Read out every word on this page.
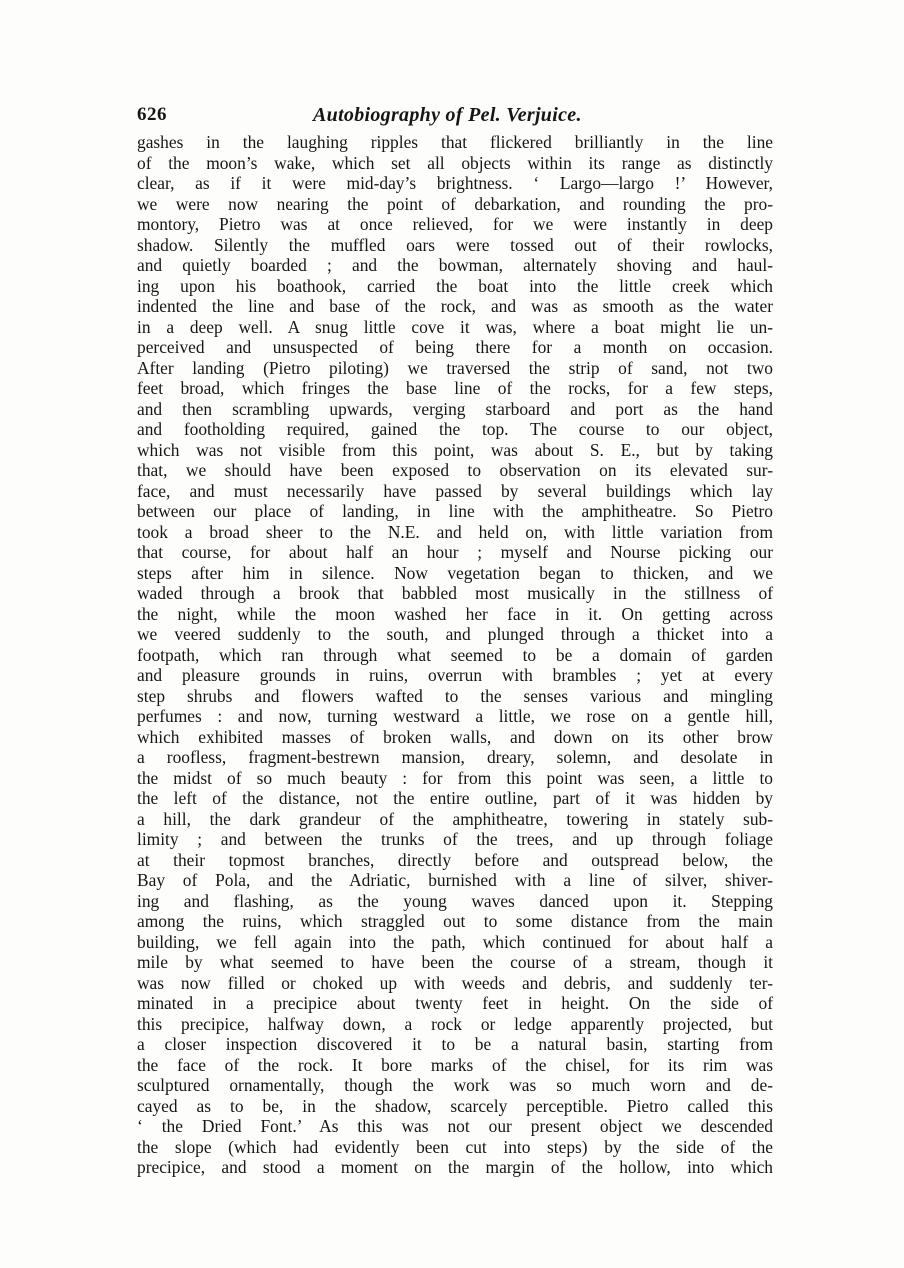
626	Autobiography of Pel. Verjuice.
gashes in the laughing ripples that flickered brilliantly in the line
of the moon’s wake, which set all objects within its range as distinctly
clear, as if it were mid-day’s brightness. ‘ Largo—largo !’ However,
we were now nearing the point of debarkation, and rounding the pro-
montory, Pietro was at once relieved, for we were instantly in deep
shadow. Silently the muffled oars were tossed out of their rowlocks,
and quietly boarded ; and the bowman, alternately shoving and haul-
ing upon his boathook, carried the boat into the little creek which
indented the line and base of the rock, and was as smooth as the water
in a deep well. A snug little cove it was, where a boat might lie un-
perceived and unsuspected of being there for a month on occasion.
After landing (Pietro piloting) we traversed the strip of sand, not two
feet broad, which fringes the base line of the rocks, for a few steps,
and then scrambling upwards, verging starboard and port as the hand
and footholding required, gained the top. The course to our object,
which was not visible from this point, was about S. E., but by taking
that, we should have been exposed to observation on its elevated sur-
face, and must necessarily have passed by several buildings which lay
between our place of landing, in line with the amphitheatre. So Pietro
took a broad sheer to the N.E. and held on, with little variation from
that course, for about half an hour ; myself and Nourse picking our
steps after him in silence. Now vegetation began to thicken, and we
waded through a brook that babbled most musically in the stillness of
the night, while the moon washed her face in it. On getting across
we veered suddenly to the south, and plunged through a thicket into a
footpath, which ran through what seemed to be a domain of garden
and pleasure grounds in ruins, overrun with brambles ; yet at every
step shrubs and flowers wafted to the senses various and mingling
perfumes : and now, turning westward a little, we rose on a gentle hill,
which exhibited masses of broken walls, and down on its other brow
a roofless, fragment-bestrewn mansion, dreary, solemn, and desolate in
the midst of so much beauty : for from this point was seen, a little to
the left of the distance, not the entire outline, part of it was hidden by
a hill, the dark grandeur of the amphitheatre, towering in stately sub-
limity ; and between the trunks of the trees, and up through foliage
at their topmost branches, directly before and outspread below, the
Bay of Pola, and the Adriatic, burnished with a line of silver, shiver-
ing and flashing, as the young waves danced upon it. Stepping
among the ruins, which straggled out to some distance from the main
building, we fell again into the path, which continued for about half a
mile by what seemed to have been the course of a stream, though it
was now filled or choked up with weeds and debris, and suddenly ter-
minated in a precipice about twenty feet in height. On the side of
this precipice, halfway down, a rock or ledge apparently projected, but
a closer inspection discovered it to be a natural basin, starting from
the face of the rock. It bore marks of the chisel, for its rim was
sculptured ornamentally, though the work was so much worn and de-
cayed as to be, in the shadow, scarcely perceptible. Pietro called this
‘ the Dried Font.’ As this was not our present object we descended
the slope (which had evidently been cut into steps) by the side of the
precipice, and stood a moment on the margin of the hollow, into which
